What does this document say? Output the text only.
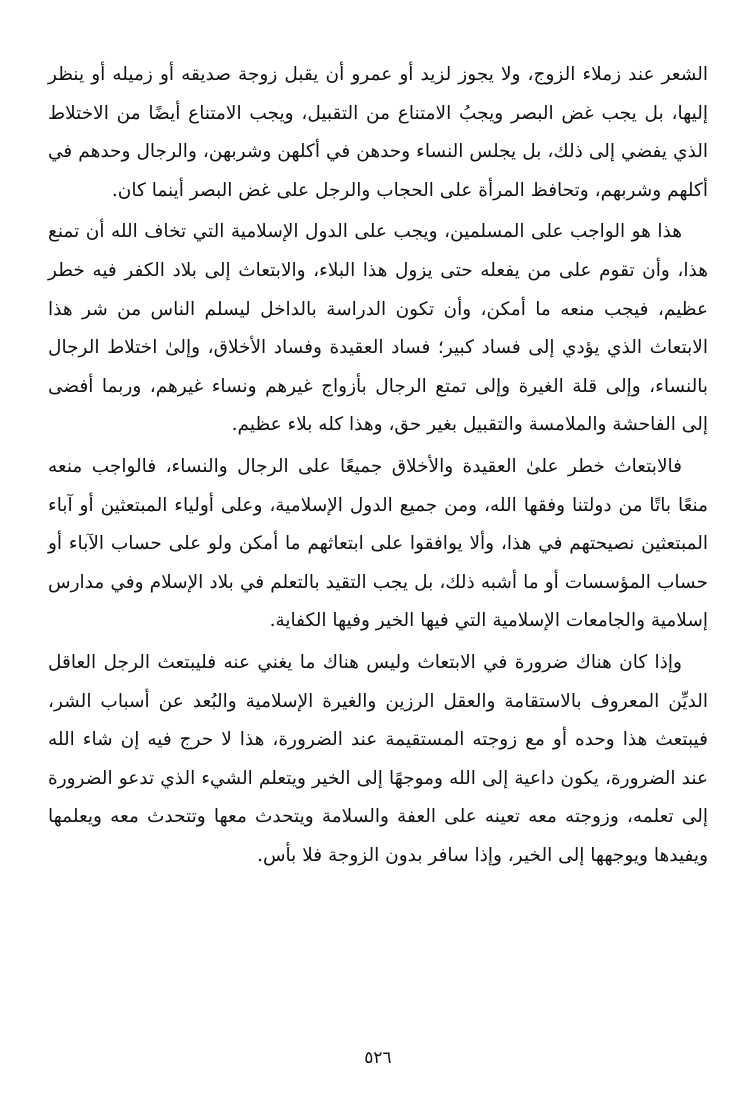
الشعر عند زملاء الزوج، ولا يجوز لزيد أو عمرو أن يقبل زوجة صديقه أو زميله أو ينظر إليها، بل يجب غض البصر ويجبُ الامتناع من التقبيل، ويجب الامتناع أيضًا من الاختلاط الذي يفضي إلى ذلك، بل يجلس النساء وحدهن في أكلهن وشربهن، والرجال وحدهم في أكلهم وشربهم، وتحافظ المرأة على الحجاب والرجل على غض البصر أينما كان.

هذا هو الواجب على المسلمين، ويجب على الدول الإسلامية التي تخاف الله أن تمنع هذا، وأن تقوم على من يفعله حتى يزول هذا البلاء، والابتعاث إلى بلاد الكفر فيه خطر عظيم، فيجب منعه ما أمكن، وأن تكون الدراسة بالداخل ليسلم الناس من شر هذا الابتعاث الذي يؤدي إلى فساد كبير؛ فساد العقيدة وفساد الأخلاق، وإلىٰ اختلاط الرجال بالنساء، وإلى قلة الغيرة وإلى تمتع الرجال بأزواج غيرهم ونساء غيرهم، وربما أفضى إلى الفاحشة والملامسة والتقبيل بغير حق، وهذا كله بلاء عظيم.

فالابتعاث خطر علىٰ العقيدة والأخلاق جميعًا على الرجال والنساء، فالواجب منعه منعًا باتًا من دولتنا وفقها الله، ومن جميع الدول الإسلامية، وعلى أولياء المبتعثين أو آباء المبتعثين نصيحتهم في هذا، وألا يوافقوا على ابتعاثهم ما أمكن ولو على حساب الآباء أو حساب المؤسسات أو ما أشبه ذلك، بل يجب التقيد بالتعلم في بلاد الإسلام وفي مدارس إسلامية والجامعات الإسلامية التي فيها الخير وفيها الكفاية.

وإذا كان هناك ضرورة في الابتعاث وليس هناك ما يغني عنه فليبتعث الرجل العاقل الديِّن المعروف بالاستقامة والعقل الرزين والغيرة الإسلامية والبُعد عن أسباب الشر، فيبتعث هذا وحده أو مع زوجته المستقيمة عند الضرورة، هذا لا حرج فيه إن شاء الله عند الضرورة، يكون داعية إلى الله وموجهًا إلى الخير ويتعلم الشيء الذي تدعو الضرورة إلى تعلمه، وزوجته معه تعينه على العفة والسلامة ويتحدث معها وتتحدث معه ويعلمها ويفيدها ويوجهها إلى الخير، وإذا سافر بدون الزوجة فلا بأس.

٥٢٦
